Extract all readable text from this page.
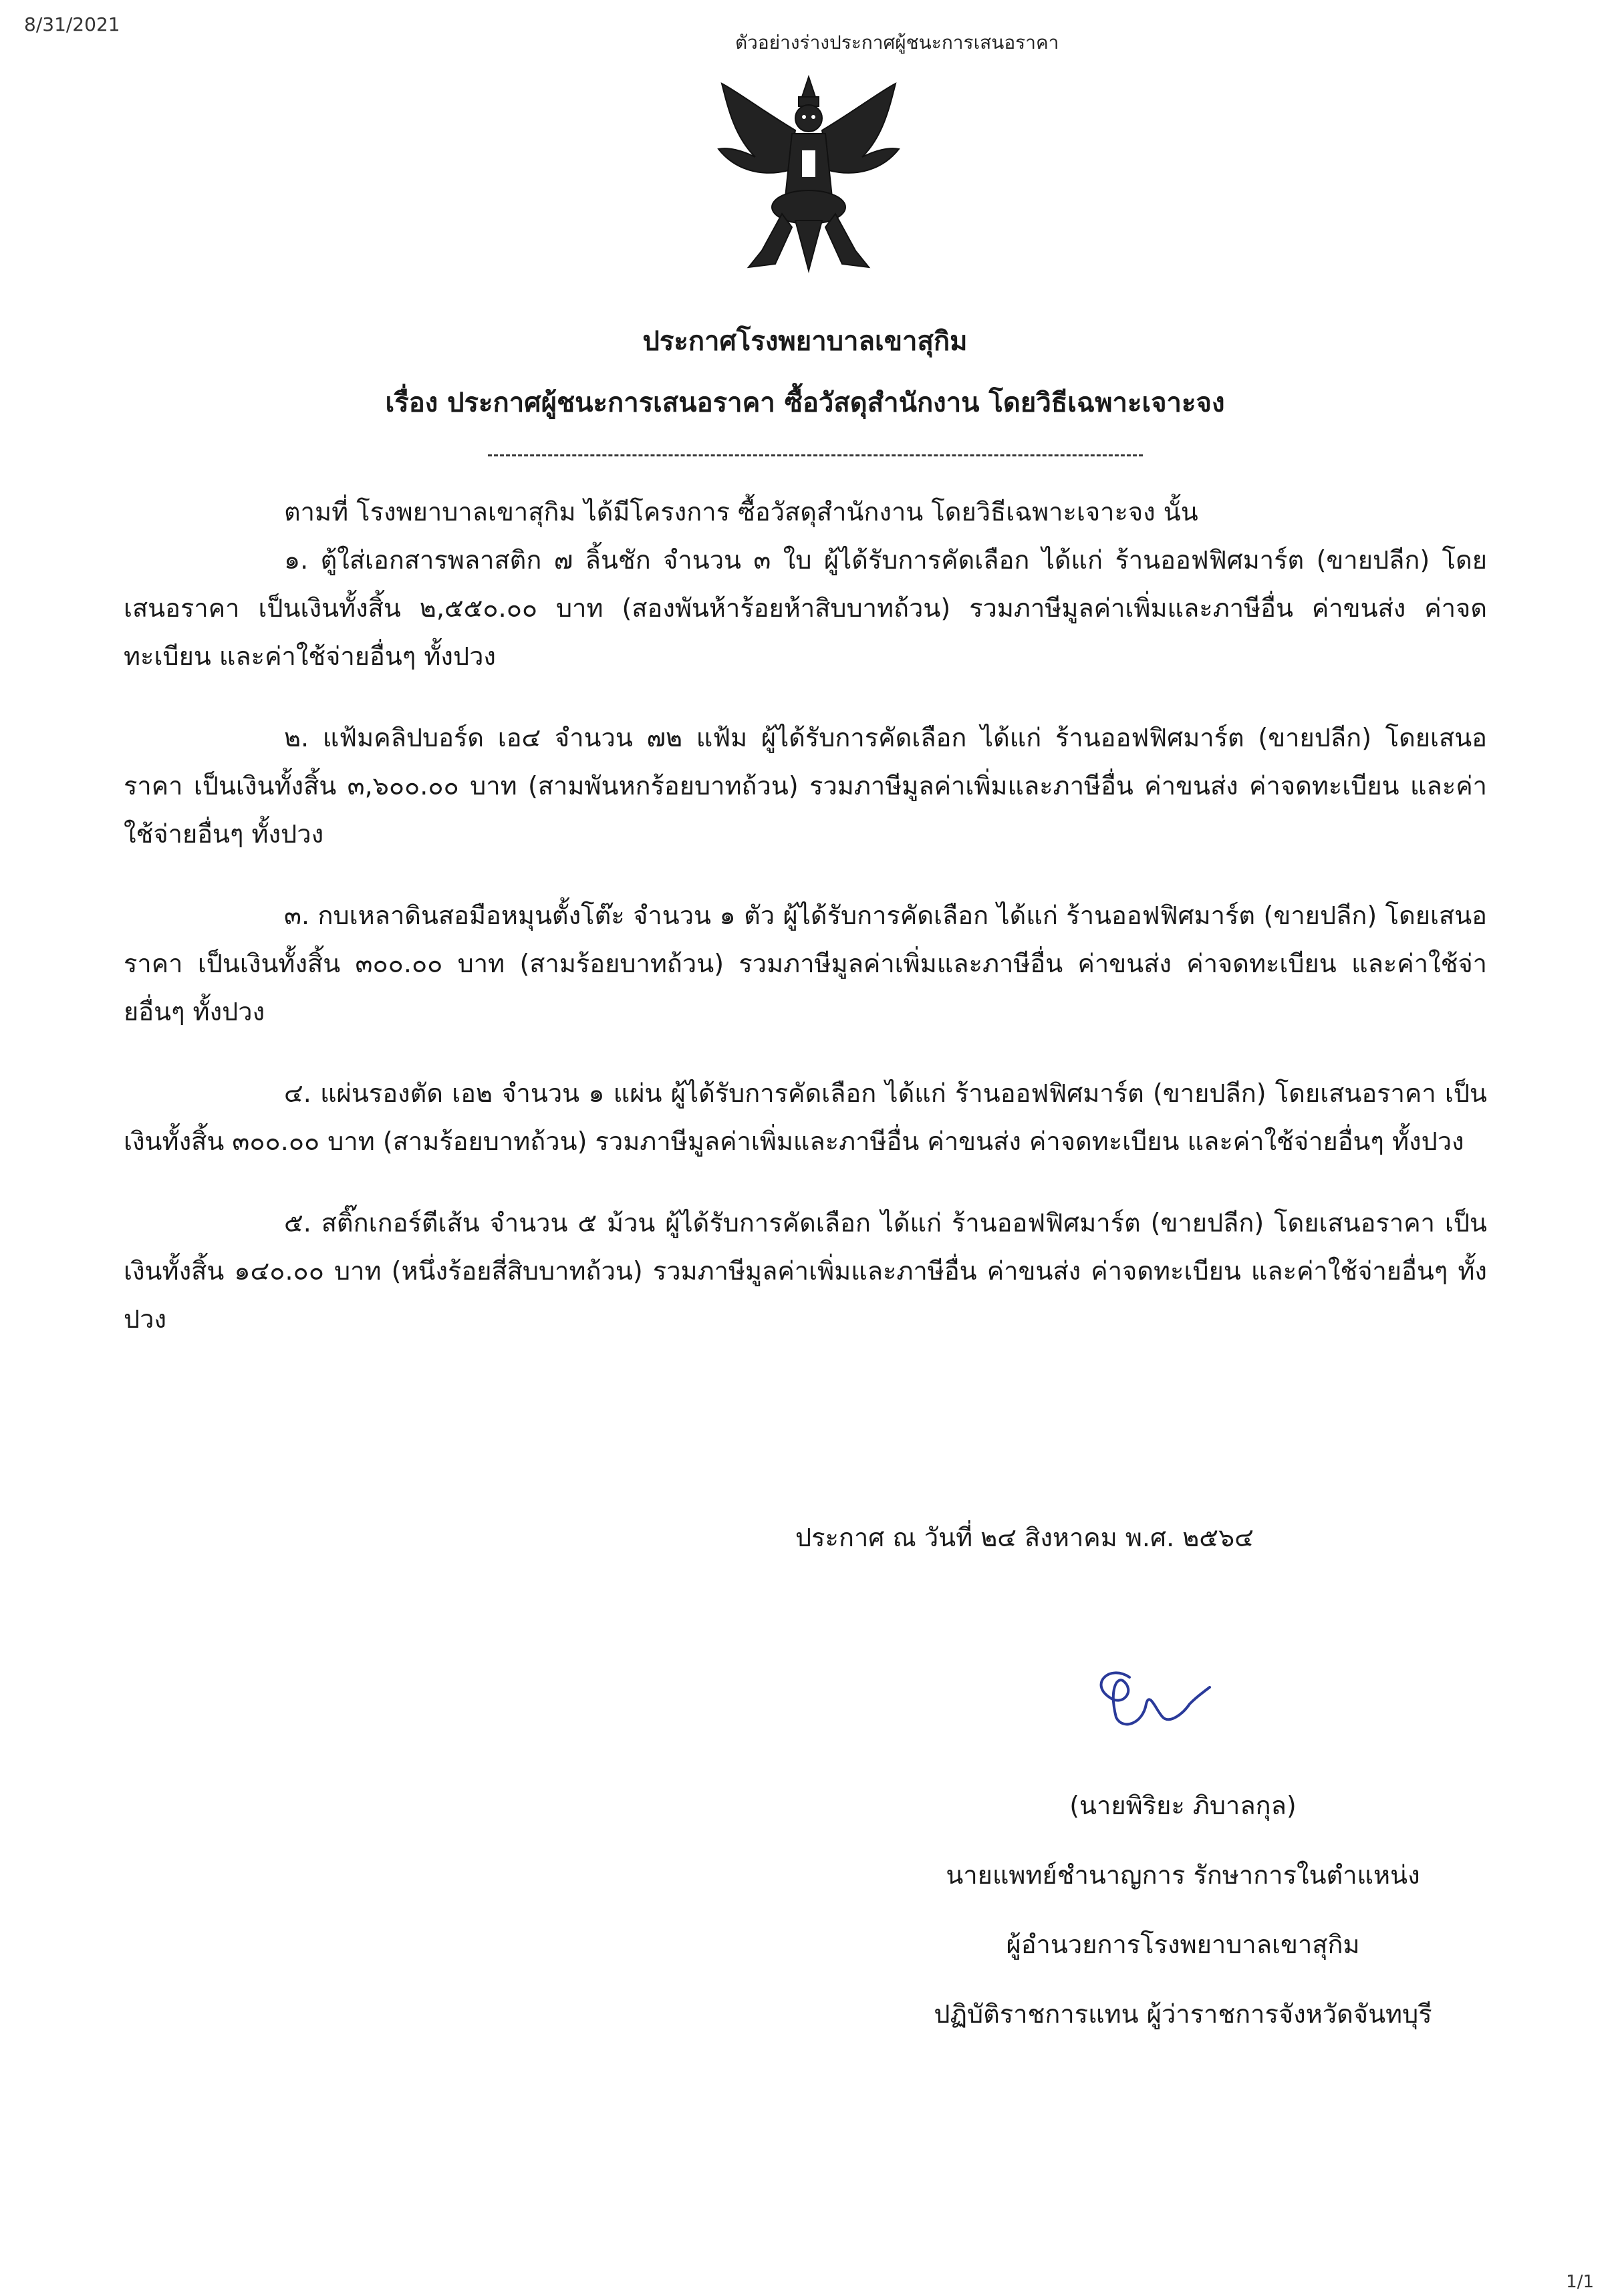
8/31/2021
ตัวอย่างร่างประกาศผู้ชนะการเสนอราคา
ประกาศโรงพยาบาลเขาสุกิม
เรื่อง ประกาศผู้ชนะการเสนอราคา ซื้อวัสดุสำนักงาน โดยวิธีเฉพาะเจาะจง

ตามที่ โรงพยาบาลเขาสุกิม ได้มีโครงการ ซื้อวัสดุสำนักงาน โดยวิธีเฉพาะเจาะจง นั้น

๑. ตู้ใส่เอกสารพลาสติก ๗ ลิ้นชัก จำนวน ๓ ใบ ผู้ได้รับการคัดเลือก ได้แก่ ร้านออฟฟิศมาร์ต (ขายปลีก) โดยเสนอราคา เป็นเงินทั้งสิ้น ๒,๕๕๐.๐๐ บาท (สองพันห้าร้อยห้าสิบบาทถ้วน) รวมภาษีมูลค่าเพิ่มและภาษีอื่น ค่าขนส่ง ค่าจดทะเบียน และค่าใช้จ่ายอื่นๆ ทั้งปวง

๒. แฟ้มคลิปบอร์ด เอ๔ จำนวน ๗๒ แฟ้ม ผู้ได้รับการคัดเลือก ได้แก่ ร้านออฟฟิศมาร์ต (ขายปลีก) โดยเสนอราคา เป็นเงินทั้งสิ้น ๓,๖๐๐.๐๐ บาท (สามพันหกร้อยบาทถ้วน) รวมภาษีมูลค่าเพิ่มและภาษีอื่น ค่าขนส่ง ค่าจดทะเบียน และค่าใช้จ่ายอื่นๆ ทั้งปวง

๓. กบเหลาดินสอมือหมุนตั้งโต๊ะ จำนวน ๑ ตัว ผู้ได้รับการคัดเลือก ได้แก่ ร้านออฟฟิศมาร์ต (ขายปลีก) โดยเสนอราคา เป็นเงินทั้งสิ้น ๓๐๐.๐๐ บาท (สามร้อยบาทถ้วน) รวมภาษีมูลค่าเพิ่มและภาษีอื่น ค่าขนส่ง ค่าจดทะเบียน และค่าใช้จ่ายอื่นๆ ทั้งปวง

๔. แผ่นรองตัด เอ๒ จำนวน ๑ แผ่น ผู้ได้รับการคัดเลือก ได้แก่ ร้านออฟฟิศมาร์ต (ขายปลีก) โดยเสนอราคา เป็นเงินทั้งสิ้น ๓๐๐.๐๐ บาท (สามร้อยบาทถ้วน) รวมภาษีมูลค่าเพิ่มและภาษีอื่น ค่าขนส่ง ค่าจดทะเบียน และค่าใช้จ่ายอื่นๆ ทั้งปวง

๕. สติ๊กเกอร์ตีเส้น จำนวน ๕ ม้วน ผู้ได้รับการคัดเลือก ได้แก่ ร้านออฟฟิศมาร์ต (ขายปลีก) โดยเสนอราคา เป็นเงินทั้งสิ้น ๑๔๐.๐๐ บาท (หนึ่งร้อยสี่สิบบาทถ้วน) รวมภาษีมูลค่าเพิ่มและภาษีอื่น ค่าขนส่ง ค่าจดทะเบียน และค่าใช้จ่ายอื่นๆ ทั้งปวง

ประกาศ ณ วันที่ ๒๔ สิงหาคม พ.ศ. ๒๕๖๔
(นายพิริยะ ภิบาลกุล)
นายแพทย์ชำนาญการ รักษาการในตำแหน่ง
ผู้อำนวยการโรงพยาบาลเขาสุกิม
ปฏิบัติราชการแทน ผู้ว่าราชการจังหวัดจันทบุรี
1/1
